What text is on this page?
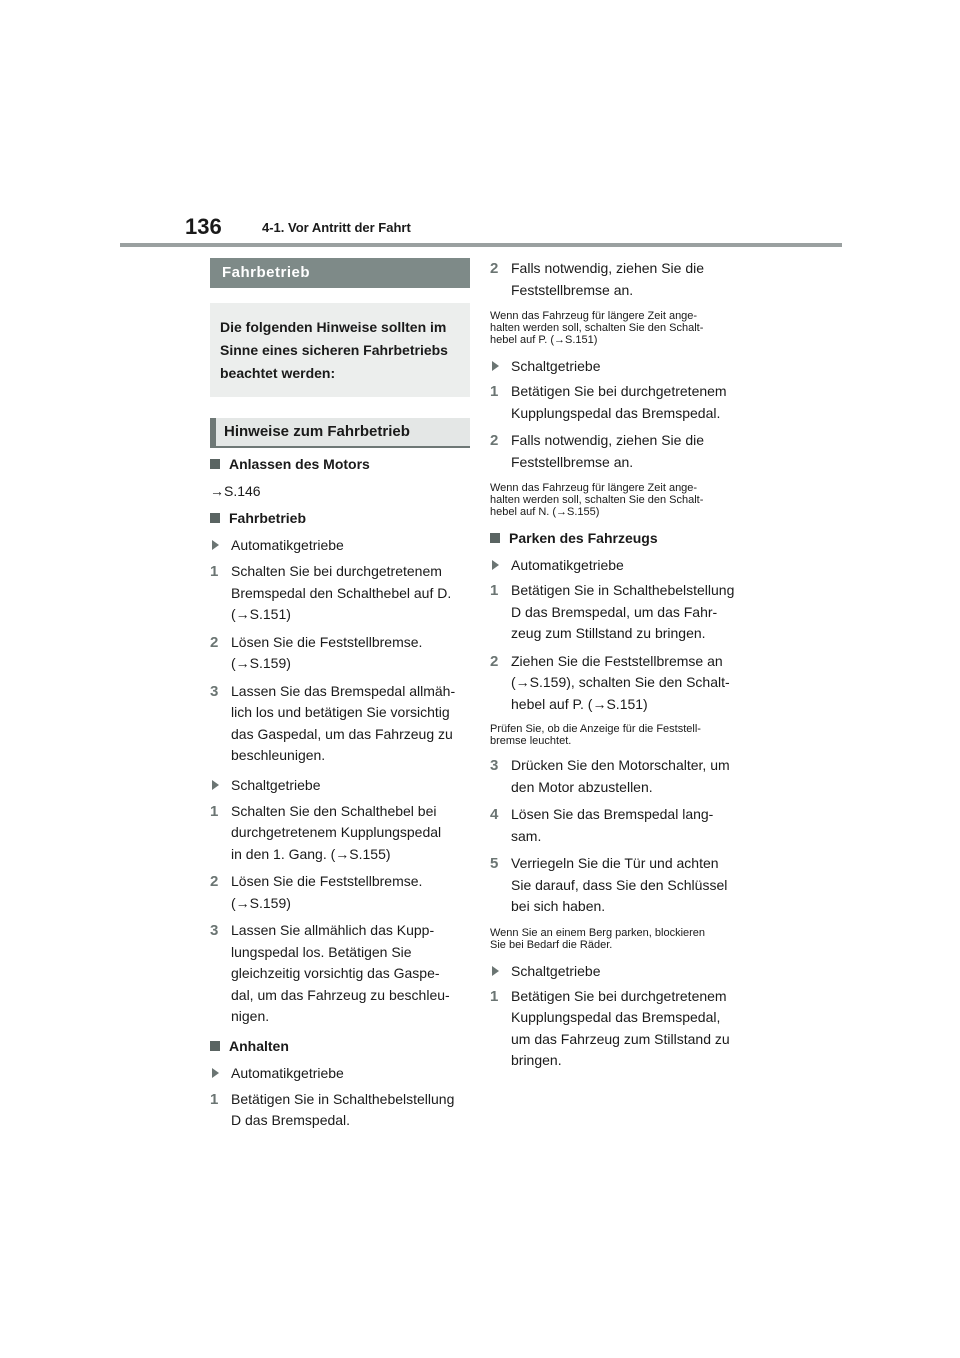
136	4-1. Vor Antritt der Fahrt
Fahrbetrieb
Die folgenden Hinweise sollten im
Sinne eines sicheren Fahrbetriebs
beachtet werden:
Hinweise zum Fahrbetrieb
Anlassen des Motors
→S.146
Fahrbetrieb
Automatikgetriebe
1 Schalten Sie bei durchgetretenem
Bremspedal den Schalthebel auf D.
(→S.151)
2 Lösen Sie die Feststellbremse.
(→S.159)
3 Lassen Sie das Bremspedal allmäh-
lich los und betätigen Sie vorsichtig
das Gaspedal, um das Fahrzeug zu
beschleunigen.
Schaltgetriebe
1 Schalten Sie den Schalthebel bei
durchgetretenem Kupplungspedal
in den 1. Gang. (→S.155)
2 Lösen Sie die Feststellbremse.
(→S.159)
3 Lassen Sie allmählich das Kupp-
lungspedal los. Betätigen Sie
gleichzeitig vorsichtig das Gaspe-
dal, um das Fahrzeug zu beschleu-
nigen.
Anhalten
Automatikgetriebe
1 Betätigen Sie in Schalthebelstellung
D das Bremspedal.
2 Falls notwendig, ziehen Sie die
Feststellbremse an.
Wenn das Fahrzeug für längere Zeit ange-
halten werden soll, schalten Sie den Schalt-
hebel auf P. (→S.151)
Schaltgetriebe
1 Betätigen Sie bei durchgetretenem
Kupplungspedal das Bremspedal.
2 Falls notwendig, ziehen Sie die
Feststellbremse an.
Wenn das Fahrzeug für längere Zeit ange-
halten werden soll, schalten Sie den Schalt-
hebel auf N. (→S.155)
Parken des Fahrzeugs
Automatikgetriebe
1 Betätigen Sie in Schalthebelstellung
D das Bremspedal, um das Fahr-
zeug zum Stillstand zu bringen.
2 Ziehen Sie die Feststellbremse an
(→S.159), schalten Sie den Schalt-
hebel auf P. (→S.151)
Prüfen Sie, ob die Anzeige für die Feststell-
bremse leuchtet.
3 Drücken Sie den Motorschalter, um
den Motor abzustellen.
4 Lösen Sie das Bremspedal lang-
sam.
5 Verriegeln Sie die Tür und achten
Sie darauf, dass Sie den Schlüssel
bei sich haben.
Wenn Sie an einem Berg parken, blockieren
Sie bei Bedarf die Räder.
Schaltgetriebe
1 Betätigen Sie bei durchgetretenem
Kupplungspedal das Bremspedal,
um das Fahrzeug zum Stillstand zu
bringen.
